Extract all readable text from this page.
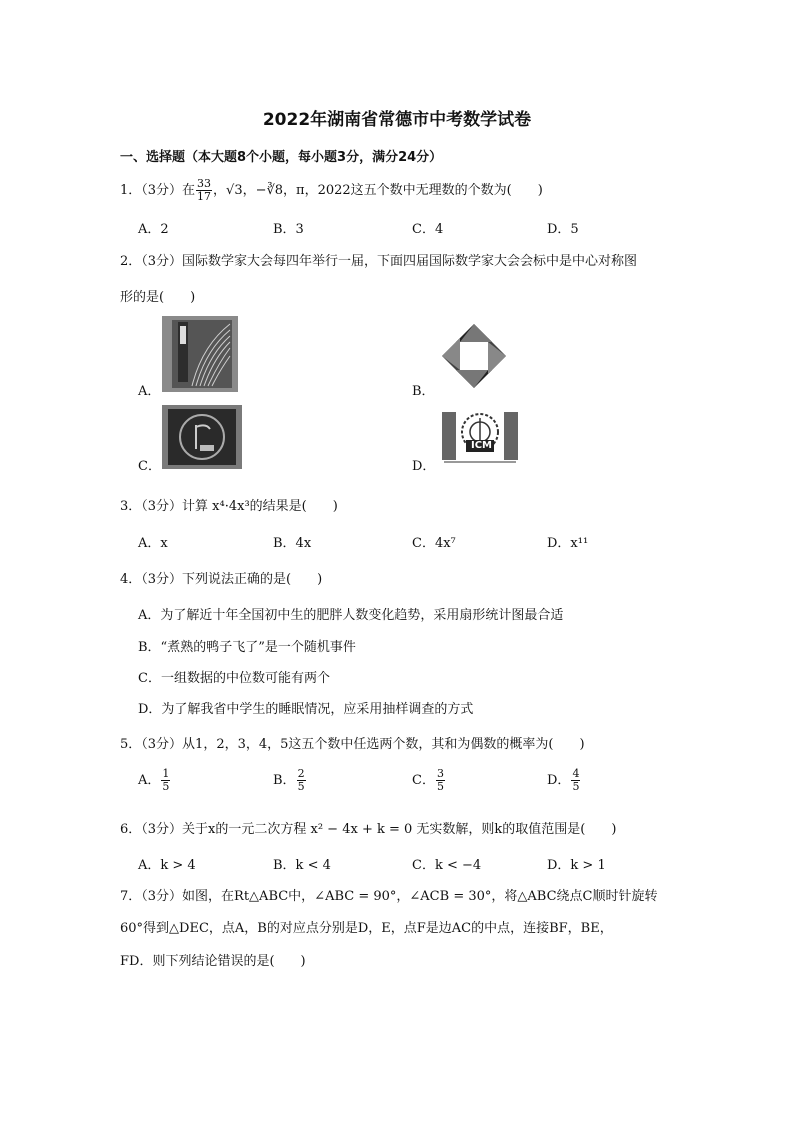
2022年湖南省常德市中考数学试卷
一、选择题（本大题8个小题，每小题3分，满分24分）
1．（3分）在 $\frac{33}{17}$ ，√3，−∛8，π，2022这五个数中无理数的个数为(　　)
A．2	B．3	C．4	D．5
2．（3分）国际数学家大会每四年举行一届，下面四届国际数学家大会会标中是中心对称图
形的是(　　)
A．	B．
C．	D．
ICM
3．（3分）计算 x⁴·4x³的结果是(　　)
A．x	B．4x	C．4x⁷	D．x¹¹
4．（3分）下列说法正确的是(　　)
A．为了解近十年全国初中生的肥胖人数变化趋势，采用扇形统计图最合适
B．“煮熟的鸭子飞了”是一个随机事件
C．一组数据的中位数可能有两个
D．为了解我省中学生的睡眠情况，应采用抽样调查的方式
5．（3分）从1，2，3，4，5这五个数中任选两个数，其和为偶数的概率为(　　)
A． $\frac{1}{5}$	B． $\frac{2}{5}$	C． $\frac{3}{5}$	D． $\frac{4}{5}$
6．（3分）关于x的一元二次方程 x² − 4x + k = 0 无实数解，则k的取值范围是(　　)
A．k > 4	B．k < 4	C．k < −4	D．k > 1
7．（3分）如图，在Rt△ABC中，∠ABC = 90°，∠ACB = 30°，将△ABC绕点C顺时针旋转
60°得到△DEC，点A，B的对应点分别是D，E，点F是边AC的中点，连接BF，BE，
FD．则下列结论错误的是(　　)
